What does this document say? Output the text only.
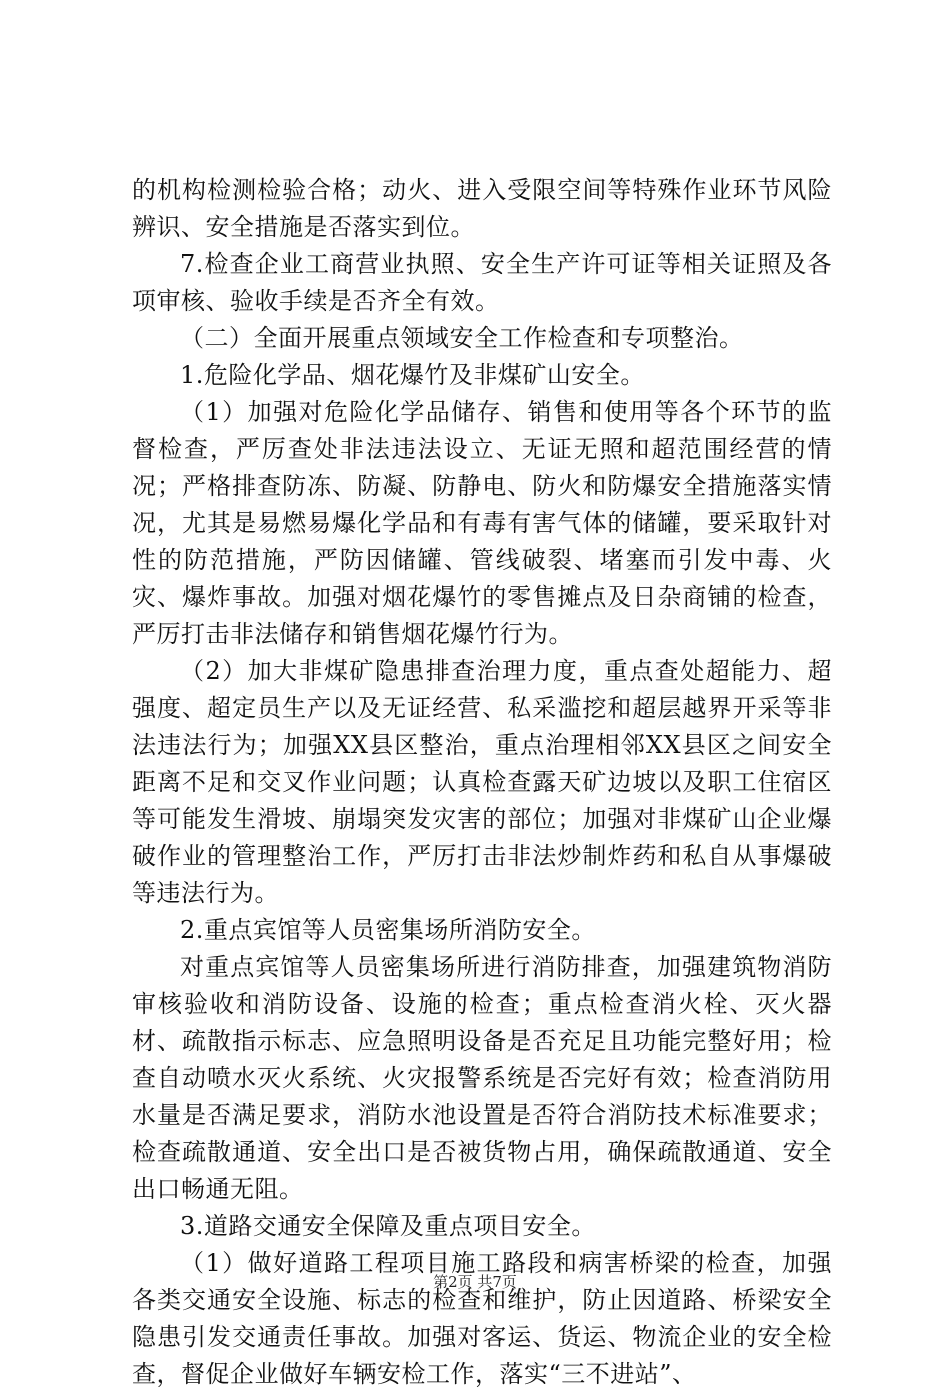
的机构检测检验合格；动火、进入受限空间等特殊作业环节风险辨识、安全措施是否落实到位。

7.检查企业工商营业执照、安全生产许可证等相关证照及各项审核、验收手续是否齐全有效。

（二）全面开展重点领域安全工作检查和专项整治。

1.危险化学品、烟花爆竹及非煤矿山安全。

（1）加强对危险化学品储存、销售和使用等各个环节的监督检查，严厉查处非法违法设立、无证无照和超范围经营的情况；严格排查防冻、防凝、防静电、防火和防爆安全措施落实情况，尤其是易燃易爆化学品和有毒有害气体的储罐，要采取针对性的防范措施，严防因储罐、管线破裂、堵塞而引发中毒、火灾、爆炸事故。加强对烟花爆竹的零售摊点及日杂商铺的检查，严厉打击非法储存和销售烟花爆竹行为。

（2）加大非煤矿隐患排查治理力度，重点查处超能力、超强度、超定员生产以及无证经营、私采滥挖和超层越界开采等非法违法行为；加强XX县区整治，重点治理相邻XX县区之间安全距离不足和交叉作业问题；认真检查露天矿边坡以及职工住宿区等可能发生滑坡、崩塌突发灾害的部位；加强对非煤矿山企业爆破作业的管理整治工作，严厉打击非法炒制炸药和私自从事爆破等违法行为。

2.重点宾馆等人员密集场所消防安全。

对重点宾馆等人员密集场所进行消防排查，加强建筑物消防审核验收和消防设备、设施的检查；重点检查消火栓、灭火器材、疏散指示标志、应急照明设备是否充足且功能完整好用；检查自动喷水灭火系统、火灾报警系统是否完好有效；检查消防用水量是否满足要求，消防水池设置是否符合消防技术标准要求；检查疏散通道、安全出口是否被货物占用，确保疏散通道、安全出口畅通无阻。

3.道路交通安全保障及重点项目安全。

（1）做好道路工程项目施工路段和病害桥梁的检查，加强各类交通安全设施、标志的检查和维护，防止因道路、桥梁安全隐患引发交通责任事故。加强对客运、货运、物流企业的安全检查，督促企业做好车辆安检工作，落实“三不进站”、

第2页 共7页
